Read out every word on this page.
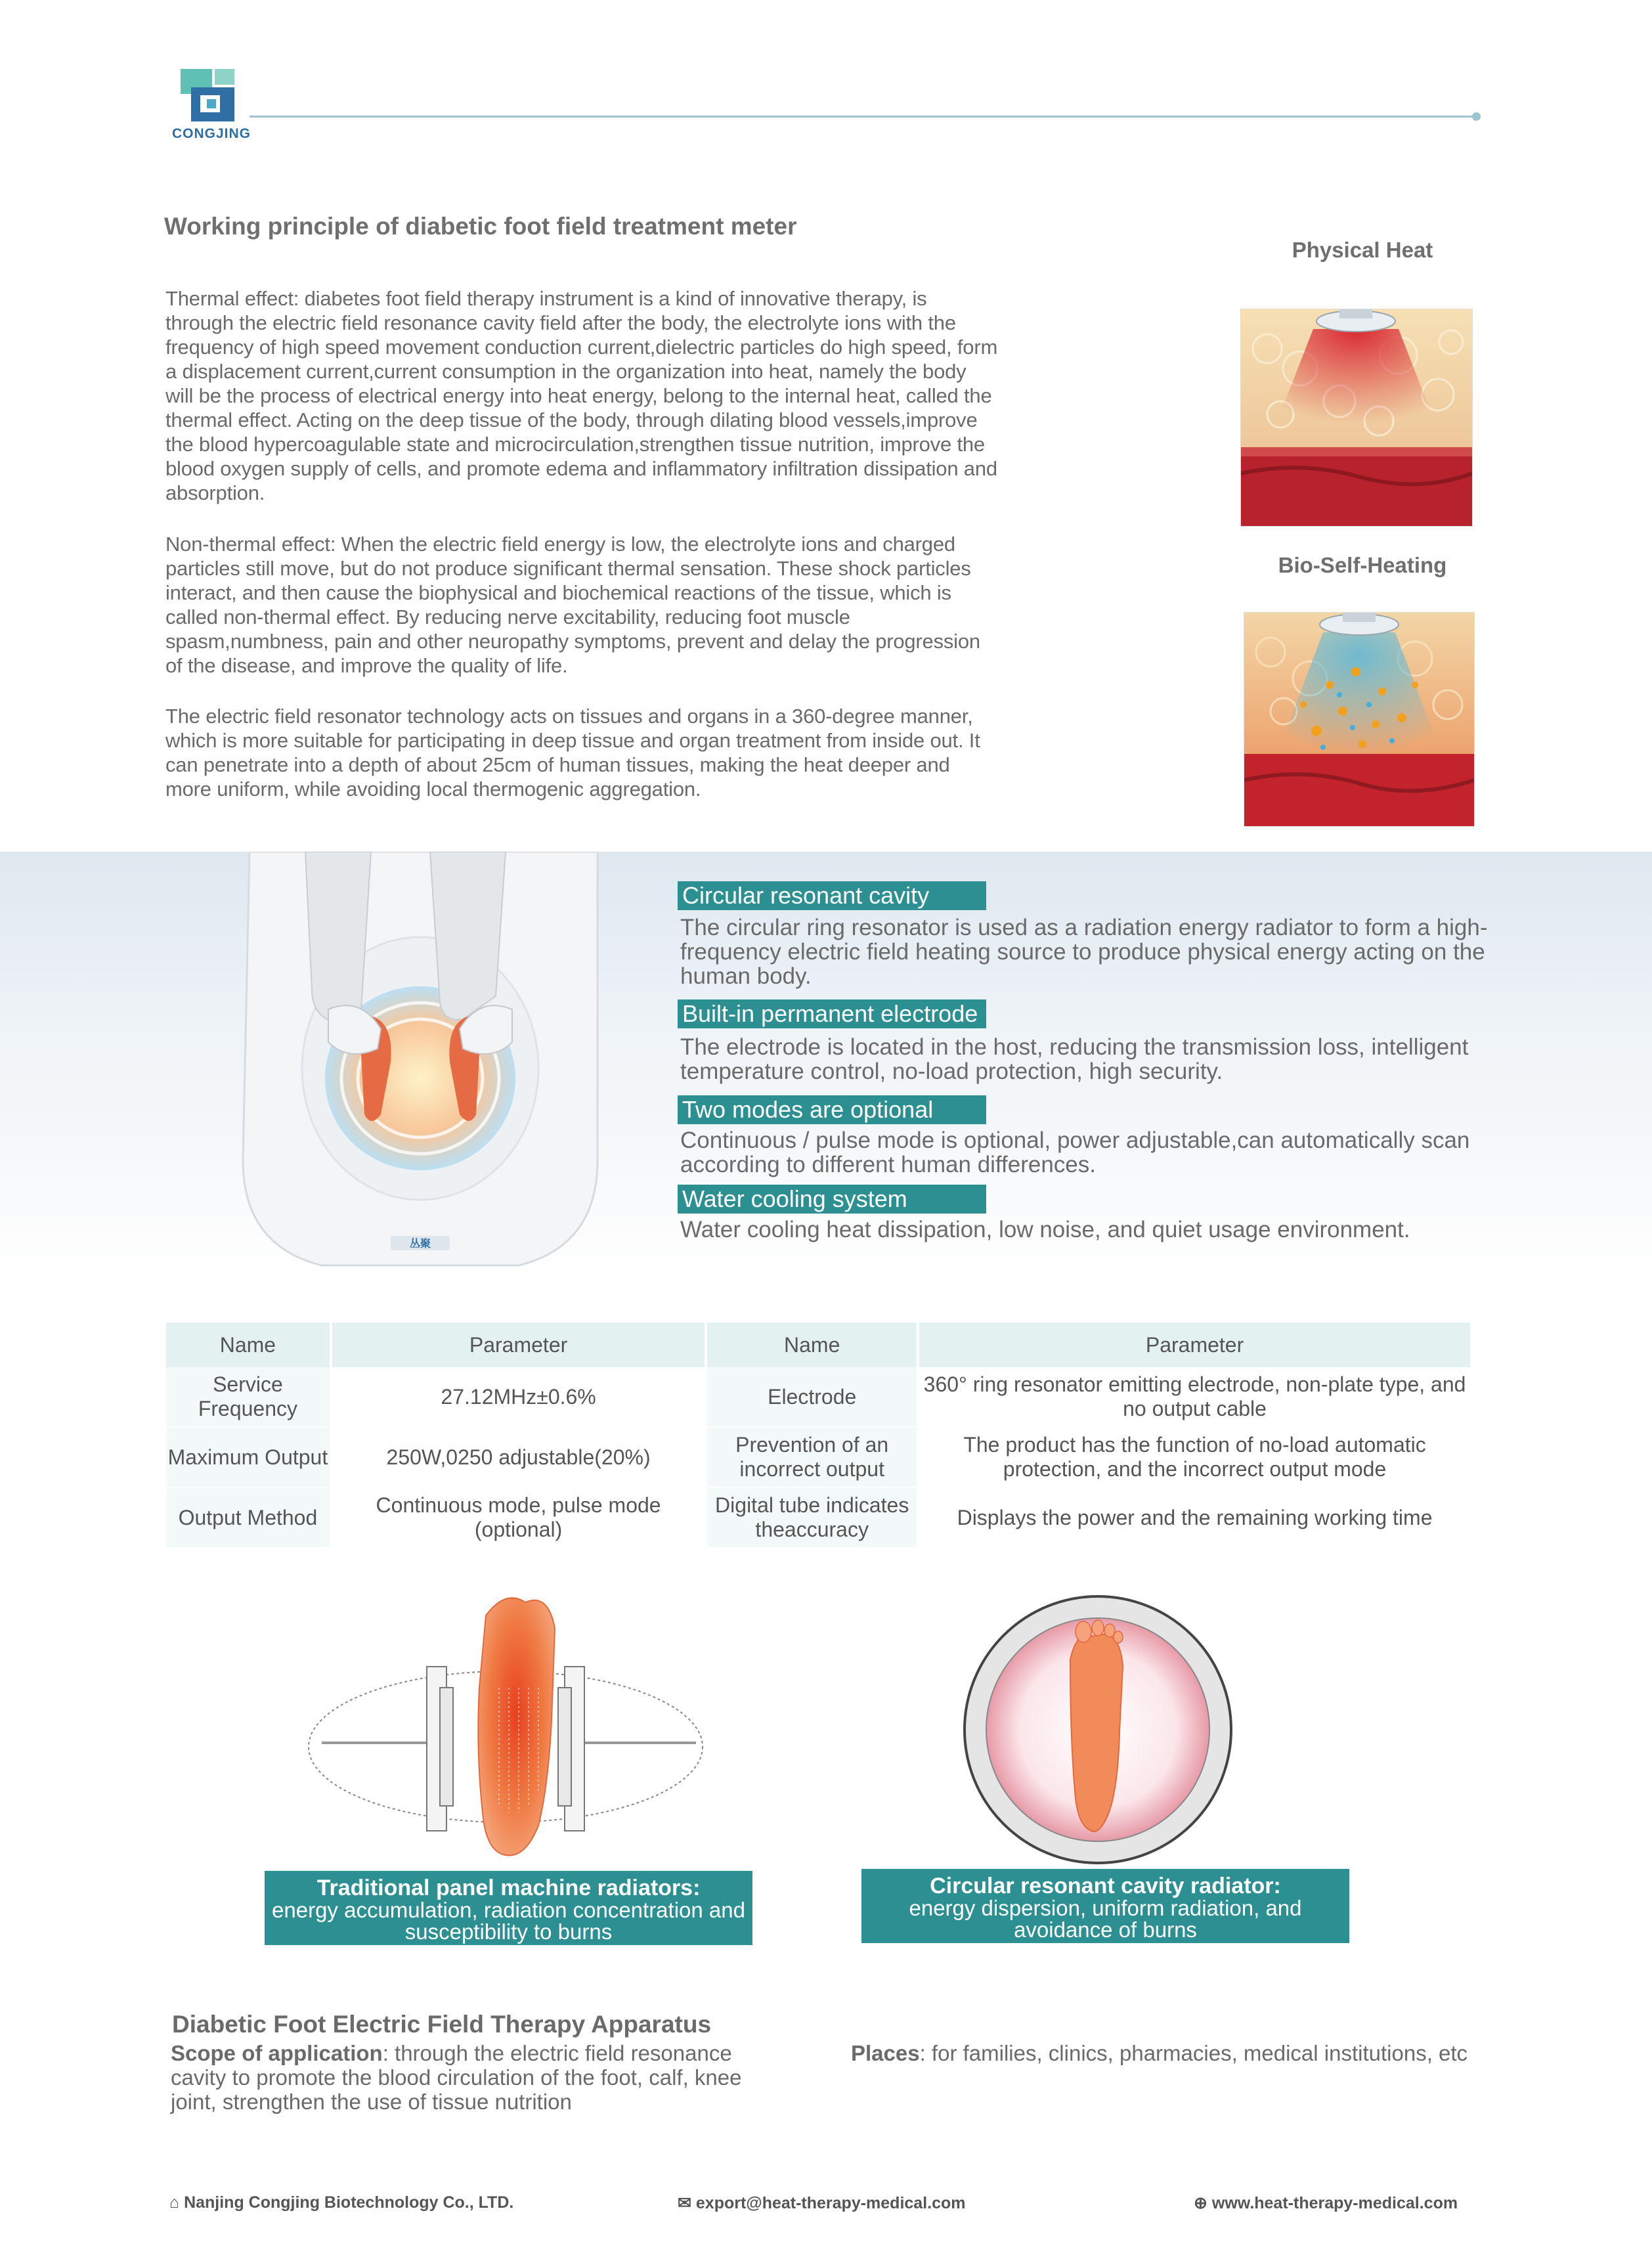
CONGJING
Working principle of diabetic foot field treatment meter
Thermal effect: diabetes foot field therapy instrument is a kind of innovative therapy, is through the electric field resonance cavity field after the body, the electrolyte ions with the frequency of high speed movement conduction current,dielectric particles do high speed, form a displacement current,current consumption in the organization into heat, namely the body will be the process of electrical energy into heat energy, belong to the internal heat, called the thermal effect. Acting on the deep tissue of the body, through dilating blood vessels,improve the blood hypercoagulable state and microcirculation,strengthen tissue nutrition, improve the blood oxygen supply of cells, and promote edema and inflammatory infiltration dissipation and absorption.
Non-thermal effect: When the electric field energy is low, the electrolyte ions and charged particles still move, but do not produce significant thermal sensation. These shock particles interact, and then cause the biophysical and biochemical reactions of the tissue, which is called non-thermal effect. By reducing nerve excitability, reducing foot muscle spasm,numbness, pain and other neuropathy symptoms, prevent and delay the progression of the disease, and improve the quality of life.
The electric field resonator technology acts on tissues and organs in a 360-degree manner, which is more suitable for participating in deep tissue and organ treatment from inside out. It can penetrate into a depth of about 25cm of human tissues, making the heat deeper and more uniform, while avoiding local thermogenic aggregation.
Physical Heat
Bio-Self-Heating
丛聚
Circular resonant cavity
The circular ring resonator is used as a radiation energy radiator to form a high-frequency electric field heating source to produce physical energy acting on the human body.
Built-in permanent electrode
The electrode is located in the host, reducing the transmission loss, intelligent temperature control, no-load protection, high security.
Two modes are optional
Continuous / pulse mode is optional, power adjustable,can automatically scan according to different human differences.
Water cooling system
Water cooling heat dissipation, low noise, and quiet usage environment.
Name	Parameter	Name	Parameter
Service Frequency	27.12MHz±0.6%	Electrode	360° ring resonator emitting electrode, non-plate type, and no output cable
Maximum Output	250W,0250 adjustable(20%)	Prevention of an incorrect output	The product has the function of no-load automatic protection, and the incorrect output mode
Output Method	Continuous mode, pulse mode (optional)	Digital tube indicates theaccuracy	Displays the power and the remaining working time
Traditional panel machine radiators:
energy accumulation, radiation concentration and susceptibility to burns
Circular resonant cavity radiator:
energy dispersion, uniform radiation, and avoidance of burns
Diabetic Foot Electric Field Therapy Apparatus
Scope of application: through the electric field resonance cavity to promote the blood circulation of the foot, calf, knee joint, strengthen the use of tissue nutrition
Places: for families, clinics, pharmacies, medical institutions, etc
⌂ Nanjing Congjing Biotechnology Co., LTD.	✉ export@heat-therapy-medical.com	⊕ www.heat-therapy-medical.com
